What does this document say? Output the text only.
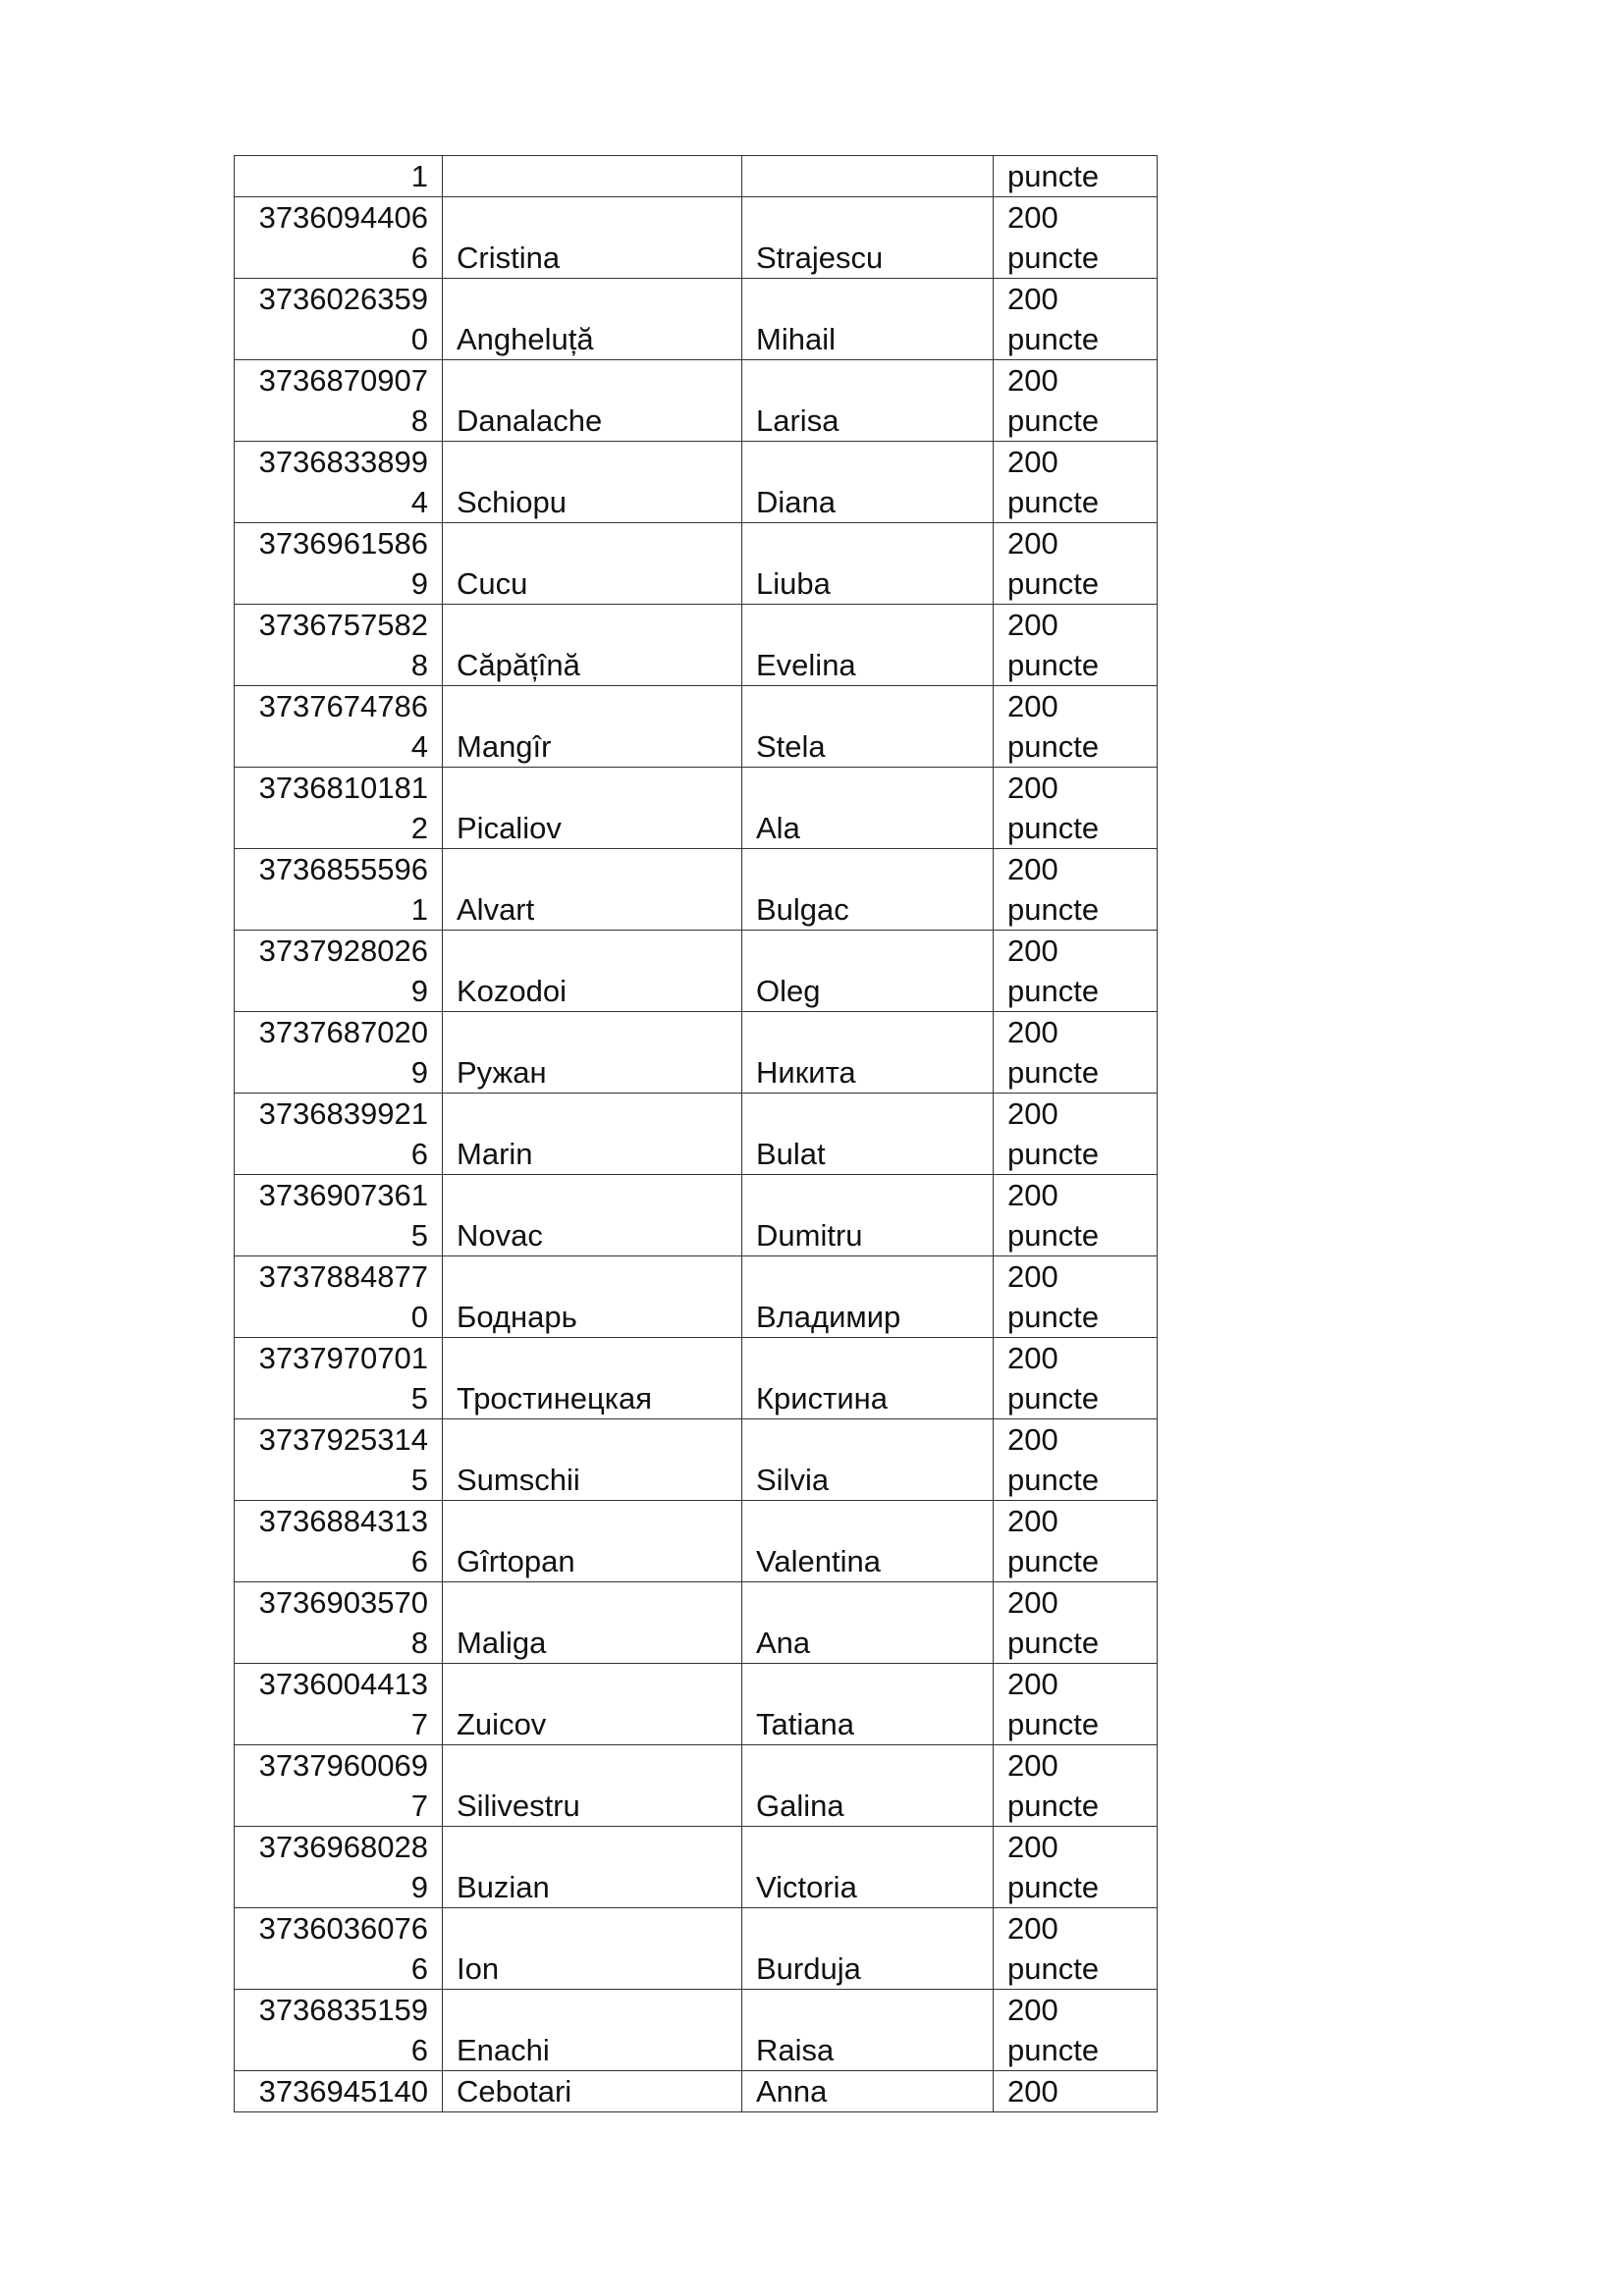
1			puncte

3736094406
6	Cristina	Strajescu	200
puncte

3736026359
0	Angheluță	Mihail	200
puncte

3736870907
8	Danalache	Larisa	200
puncte

3736833899
4	Schiopu	Diana	200
puncte

3736961586
9	Cucu	Liuba	200
puncte

3736757582
8	Căpățînă	Evelina	200
puncte

3737674786
4	Mangîr	Stela	200
puncte

3736810181
2	Picaliov	Ala	200
puncte

3736855596
1	Alvart	Bulgac	200
puncte

3737928026
9	Kozodoi	Oleg	200
puncte

3737687020
9	Ружан	Никита	200
puncte

3736839921
6	Marin	Bulat	200
puncte

3736907361
5	Novac	Dumitru	200
puncte

3737884877
0	Боднарь	Владимир	200
puncte

3737970701
5	Тростинецкая	Кристина	200
puncte

3737925314
5	Sumschii	Silvia	200
puncte

3736884313
6	Gîrtopan	Valentina	200
puncte

3736903570
8	Maliga	Ana	200
puncte

3736004413
7	Zuicov	Tatiana	200
puncte

3737960069
7	Silivestru	Galina	200
puncte

3736968028
9	Buzian	Victoria	200
puncte

3736036076
6	Ion	Burduja	200
puncte

3736835159
6	Enachi	Raisa	200
puncte

3736945140	Cebotari	Anna	200
